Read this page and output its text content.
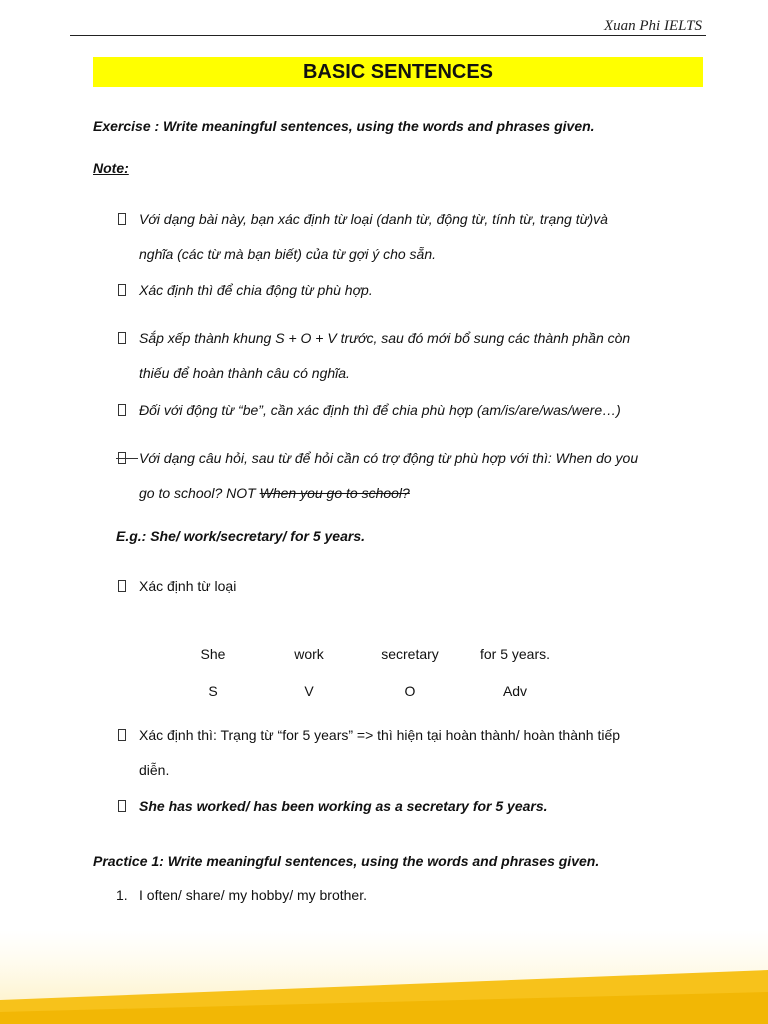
Xuan Phi IELTS
BASIC SENTENCES
Exercise : Write meaningful sentences, using the words and phrases given.
Note:
Với dạng bài này, bạn xác định từ loại (danh từ, động từ, tính từ, trạng từ)và
nghĩa (các từ mà bạn biết) của từ gợi ý cho sẵn.
Xác định thì để chia động từ phù hợp.
Sắp xếp thành khung S + O + V trước, sau đó mới bổ sung các thành phần còn
thiếu để hoàn thành câu có nghĩa.
Đối với động từ “be”, cần xác định thì để chia phù hợp (am/is/are/was/were…)
Với dạng câu hỏi, sau từ để hỏi cần có trợ động từ phù hợp với thì: When do you
go to school? NOT When you go to school?
E.g.: She/ work/secretary/ for 5 years.
Xác định từ loại
She	work	secretary	for 5 years.
S	V	O	Adv
Xác định thì: Trạng từ “for 5 years” => thì hiện tại hoàn thành/ hoàn thành tiếp
diễn.
She has worked/ has been working as a secretary for 5 years.
Practice 1: Write meaningful sentences, using the words and phrases given.
1. I often/ share/ my hobby/ my brother.
